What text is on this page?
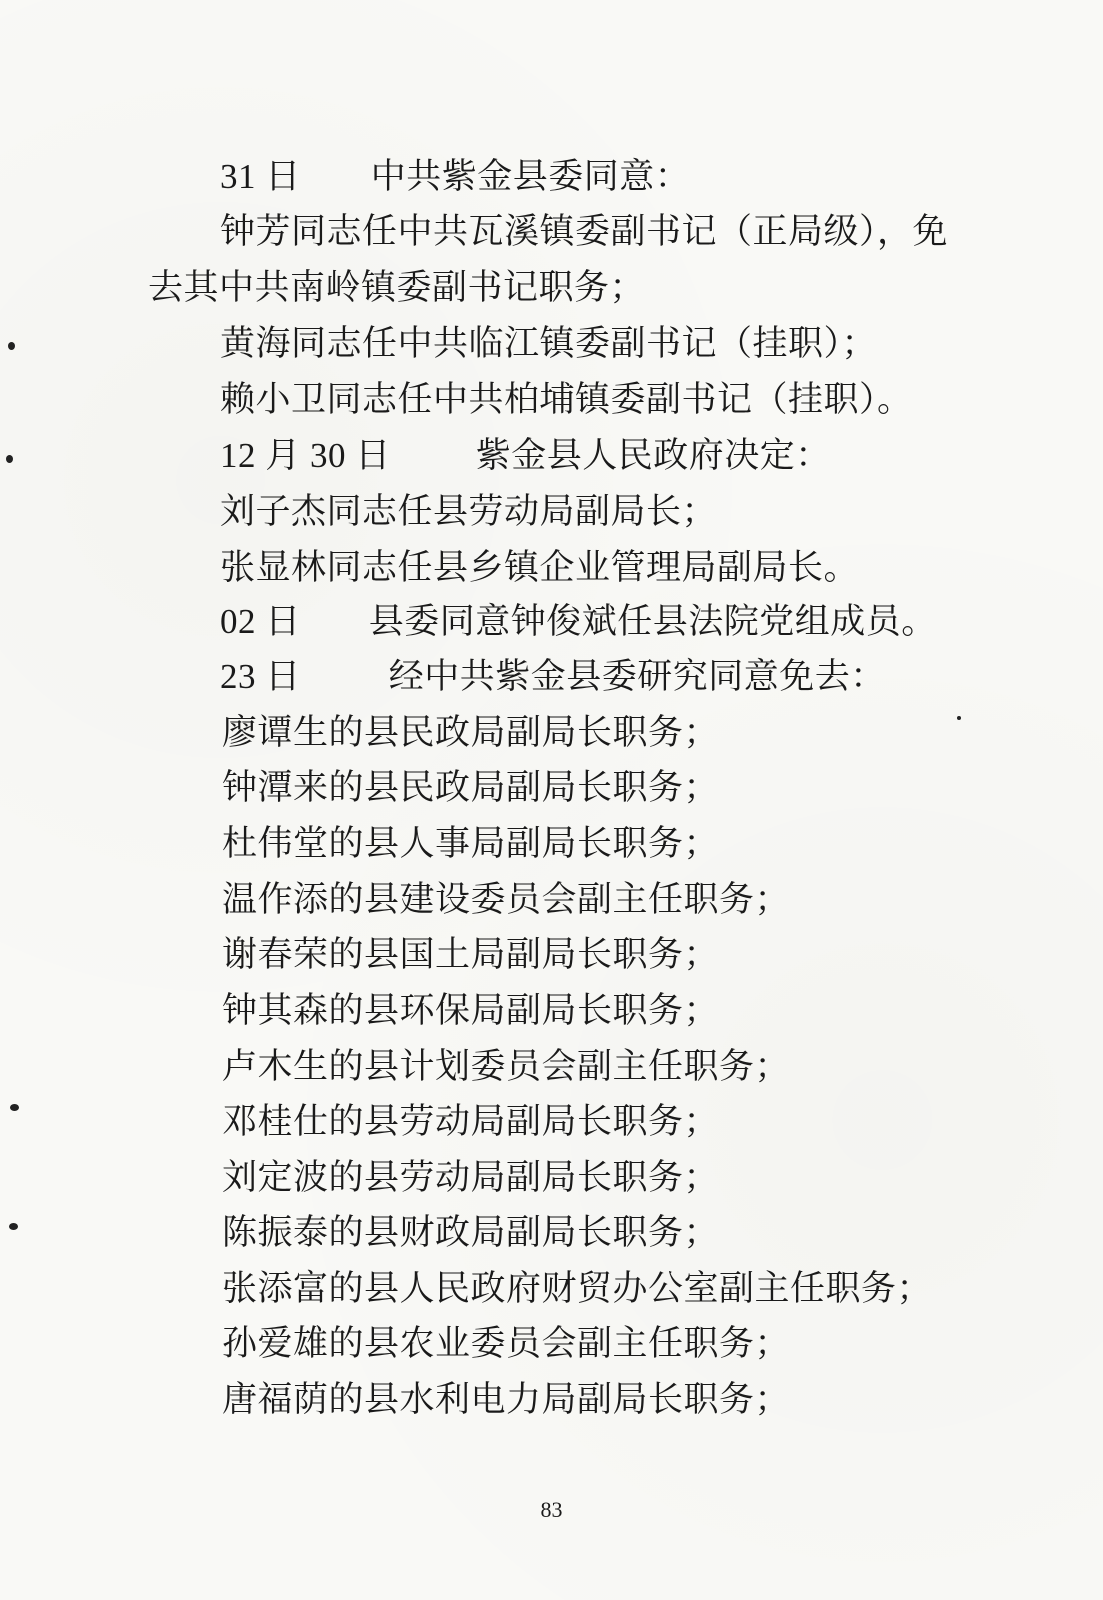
31 日 中共紫金县委同意：
钟芳同志任中共瓦溪镇委副书记（正局级），免
去其中共南岭镇委副书记职务；
黄海同志任中共临江镇委副书记（挂职）；
赖小卫同志任中共柏埔镇委副书记（挂职）。
12 月 30 日 紫金县人民政府决定：
刘子杰同志任县劳动局副局长；
张显林同志任县乡镇企业管理局副局长。
02 日 县委同意钟俊斌任县法院党组成员。
23 日	经中共紫金县委研究同意免去：
廖谭生的县民政局副局长职务；
钟潭来的县民政局副局长职务；
杜伟堂的县人事局副局长职务；
温作添的县建设委员会副主任职务；
谢春荣的县国土局副局长职务；
钟其森的县环保局副局长职务；
卢木生的县计划委员会副主任职务；
邓桂仕的县劳动局副局长职务；
刘定波的县劳动局副局长职务；
陈振泰的县财政局副局长职务；
张添富的县人民政府财贸办公室副主任职务；
孙爱雄的县农业委员会副主任职务；
唐福荫的县水利电力局副局长职务；
83
